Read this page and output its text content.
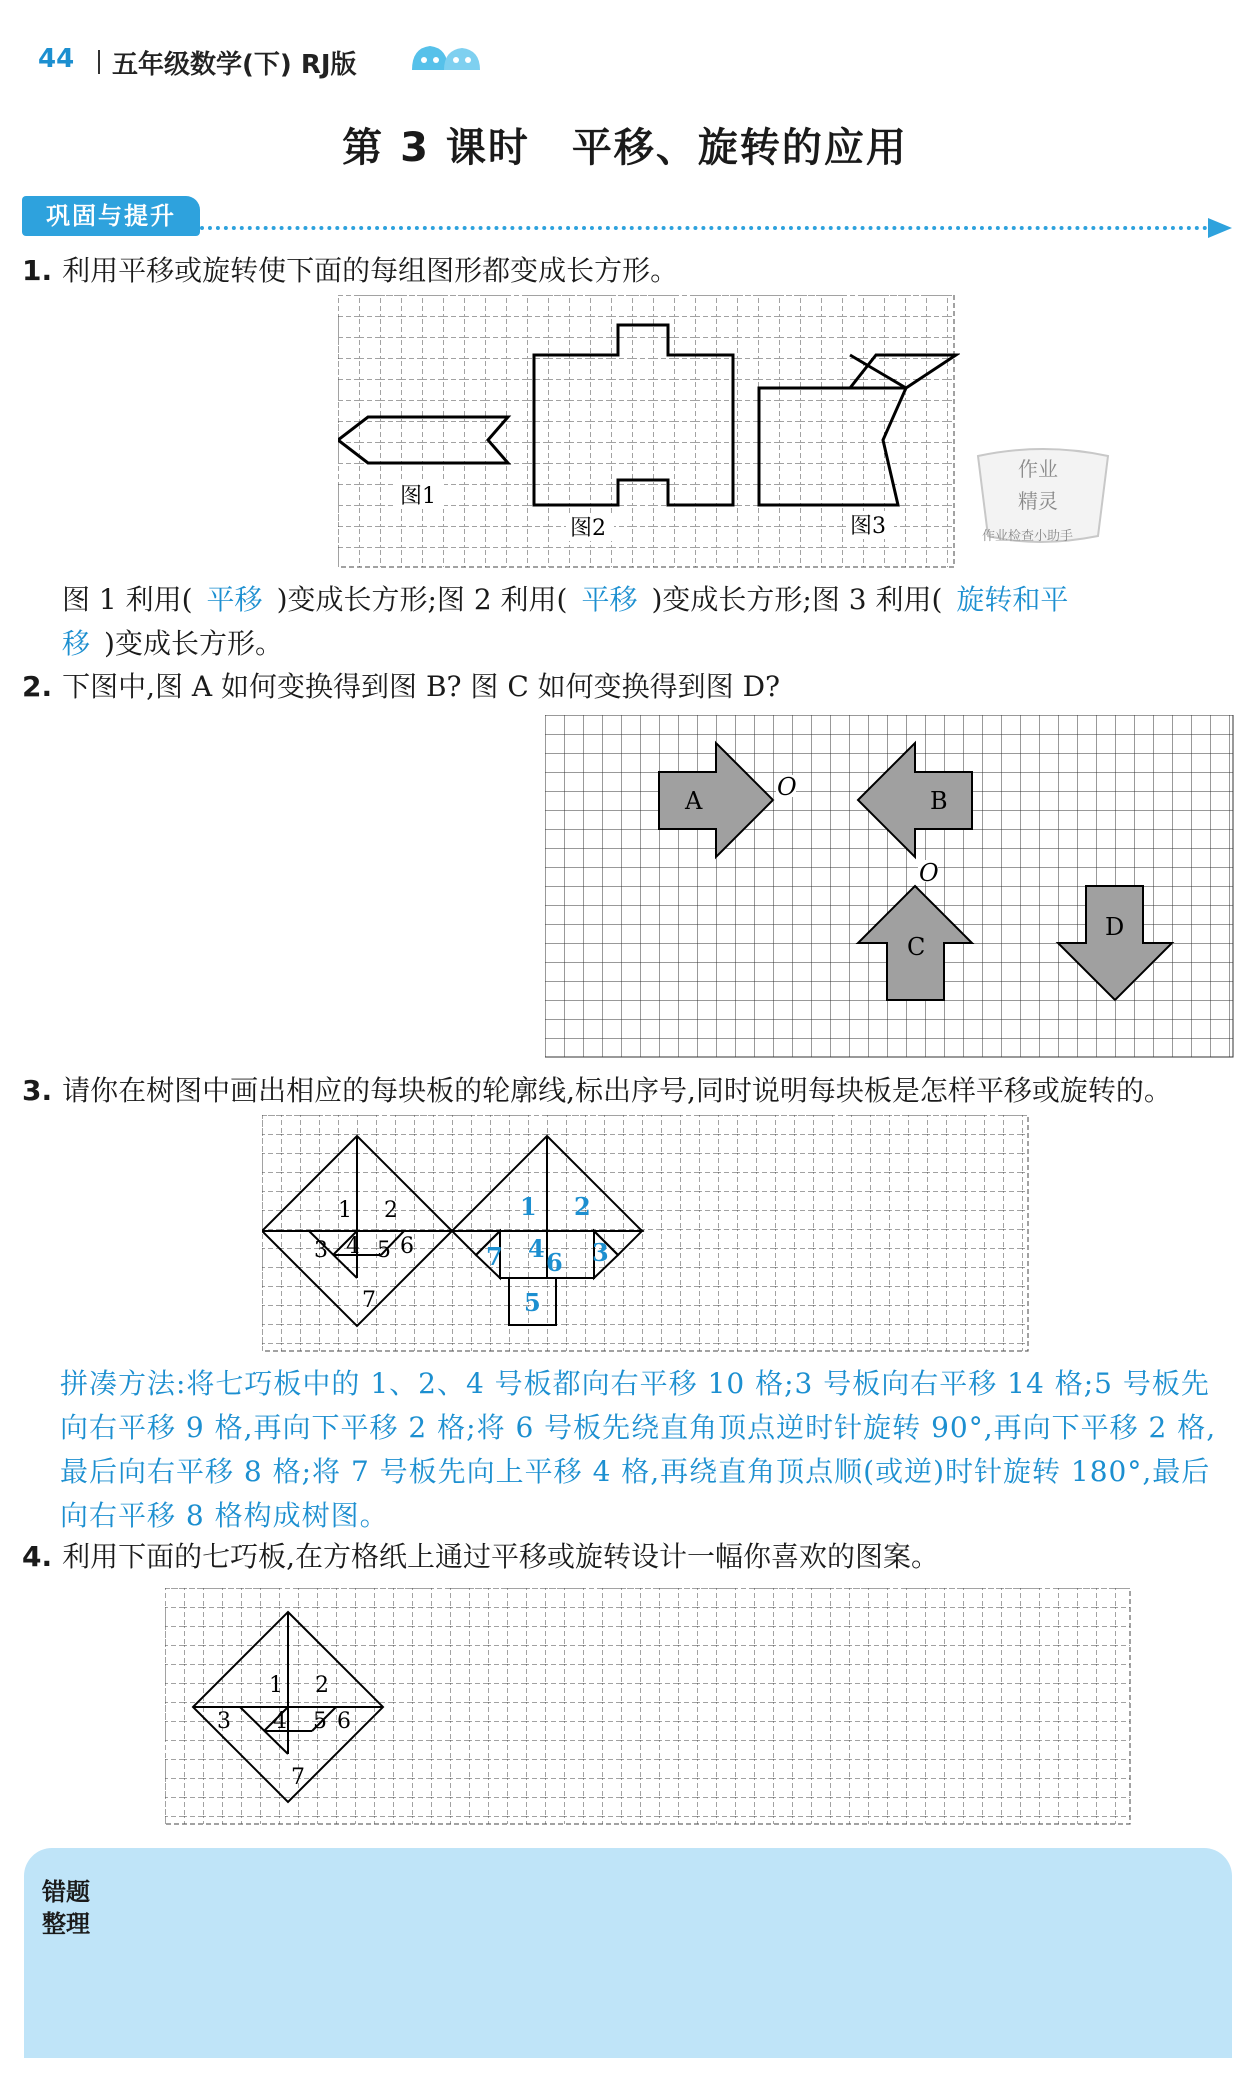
44 五年级数学(下) RJ版
第 3 课时　平移、旋转的应用
巩固与提升
1. 利用平移或旋转使下面的每组图形都变成长方形。
图1
图2	图3
作业
精灵
作业检查小助手
图 1 利用( 平移 )变成长方形;图 2 利用( 平移 )变成长方形;图 3 利用( 旋转和平
移 )变成长方形。
2. 下图中,图 A 如何变换得到图 B? 图 C 如何变换得到图 D?
A	B
C
D
O
O
3. 请你在树图中画出相应的每块板的轮廓线,标出序号,同时说明每块板是怎样平移或旋转的。
1 2
3 4 5 6
7
1 2
7 4 6 3
5
拼凑方法:将七巧板中的 1、2、4 号板都向右平移 10 格;3 号板向右平移 14 格;5 号板先向右平移 9 格,再向下平移 2 格;将 6 号板先绕直角顶点逆时针旋转 90°,再向下平移 2 格,最后向右平移 8 格;将 7 号板先向上平移 4 格,再绕直角顶点顺(或逆)时针旋转 180°,最后向右平移 8 格构成树图。
4. 利用下面的七巧板,在方格纸上通过平移或旋转设计一幅你喜欢的图案。
1 2
3 4 5 6
7
错题
整理
